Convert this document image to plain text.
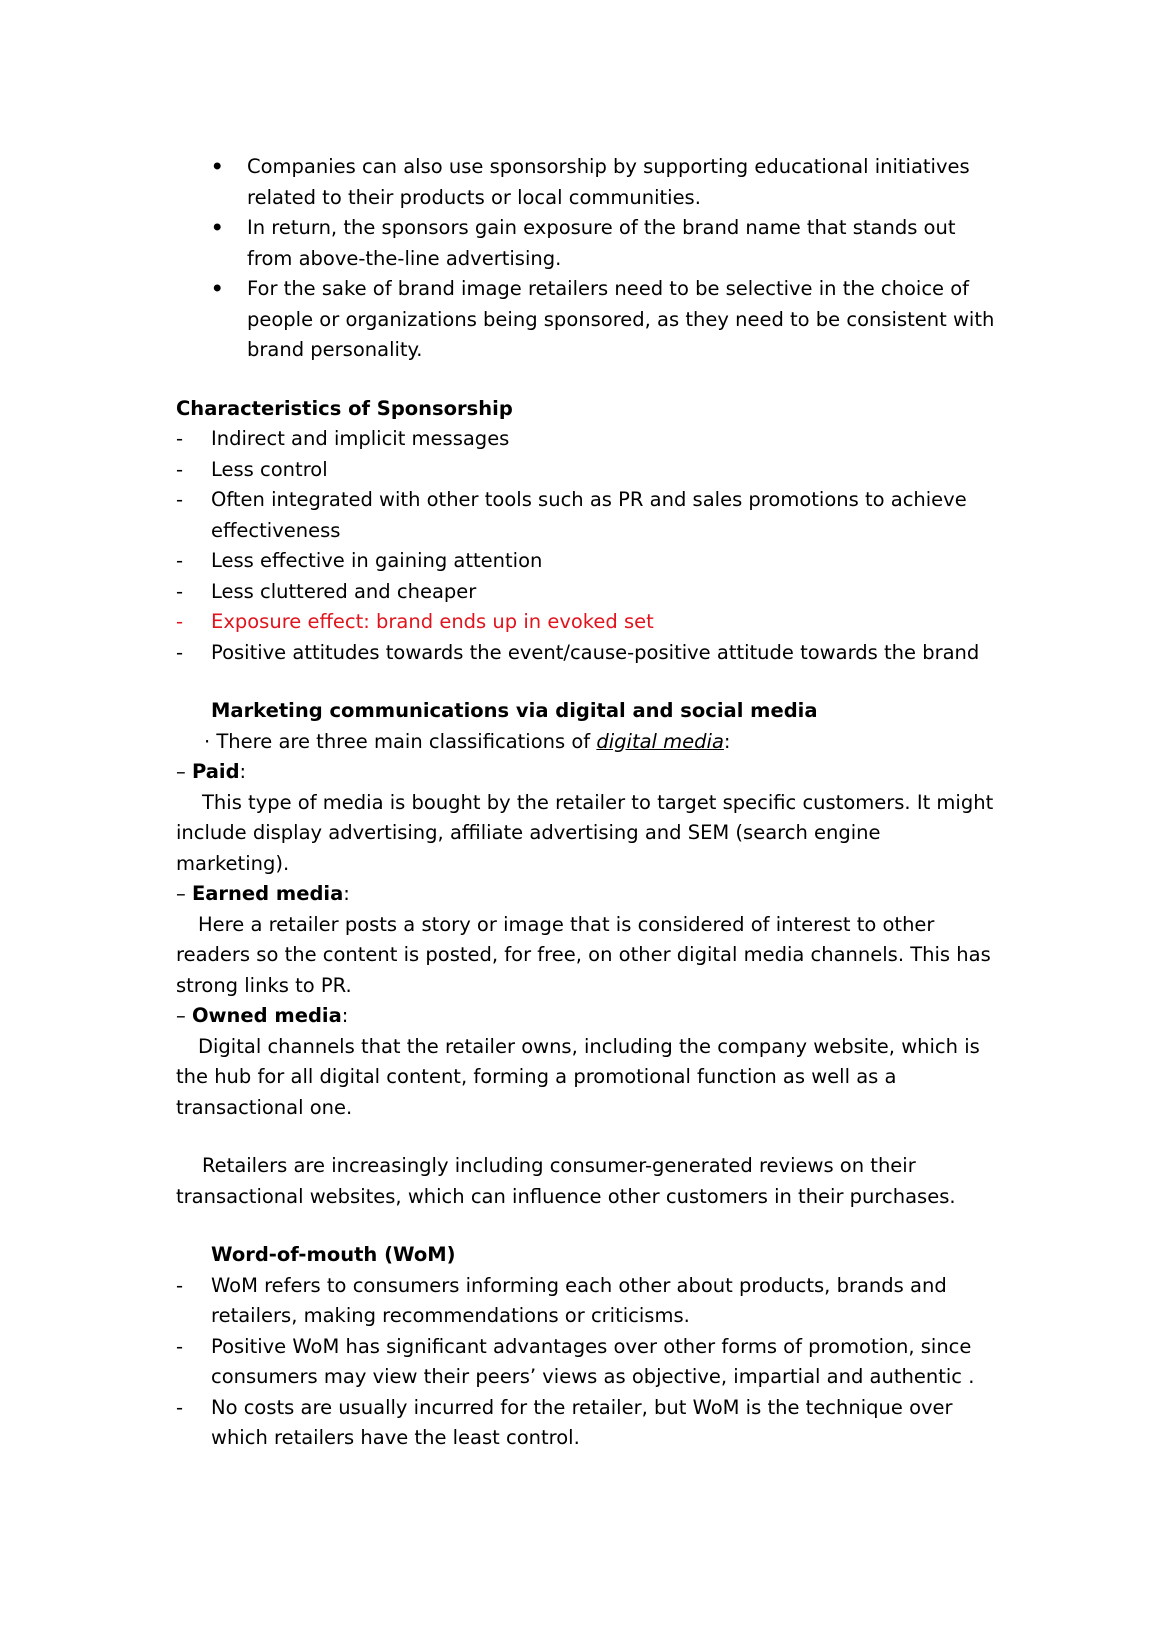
• Companies can also use sponsorship by supporting educational initiatives related to their products or local communities.
• In return, the sponsors gain exposure of the brand name that stands out from above-the-line advertising.
• For the sake of brand image retailers need to be selective in the choice of people or organizations being sponsored, as they need to be consistent with brand personality.
Characteristics of Sponsorship
- Indirect and implicit messages
- Less control
- Often integrated with other tools such as PR and sales promotions to achieve effectiveness
- Less effective in gaining attention
- Less cluttered and cheaper
- Exposure effect: brand ends up in evoked set
- Positive attitudes towards the event/cause-positive attitude towards the brand
Marketing communications via digital and social media

· There are three main classifications of digital media:

– Paid:

This type of media is bought by the retailer to target specific customers. It might include display advertising, affiliate advertising and SEM (search engine marketing).

– Earned media:

Here a retailer posts a story or image that is considered of interest to other readers so the content is posted, for free, on other digital media channels. This has strong links to PR.

– Owned media:

Digital channels that the retailer owns, including the company website, which is the hub for all digital content, forming a promotional function as well as a transactional one.

Retailers are increasingly including consumer-generated reviews on their transactional websites, which can influence other customers in their purchases.

Word-of-mouth (WoM)
- WoM refers to consumers informing each other about products, brands and retailers, making recommendations or criticisms.
- Positive WoM has significant advantages over other forms of promotion, since consumers may view their peers’ views as objective, impartial and authentic .
- No costs are usually incurred for the retailer, but WoM is the technique over which retailers have the least control.
